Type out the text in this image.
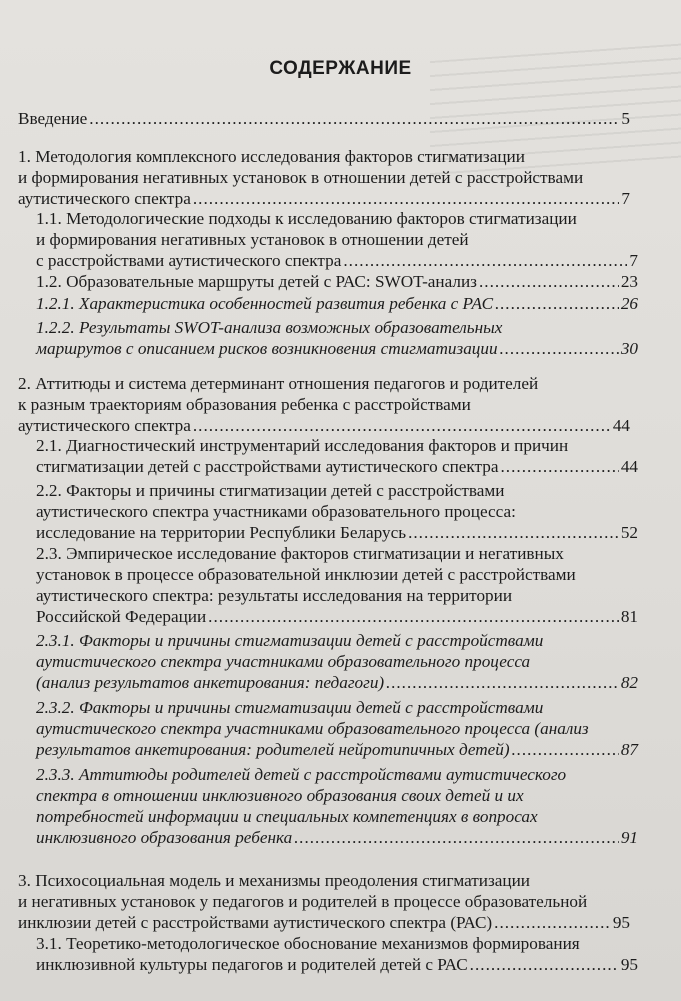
СОДЕРЖАНИЕ
Введение .....	5
1. Методология комплексного исследования факторов стигматизации
и формирования негативных установок в отношении детей с расстройствами
аутистического спектра .....	7
1.1. Методологические подходы к исследованию факторов стигматизации
и формирования негативных установок в отношении детей
с расстройствами аутистического спектра .....	7
1.2. Образовательные маршруты детей с РАС: SWOT-анализ .....	23
1.2.1. Характеристика особенностей развития ребенка с РАС .....	26
1.2.2. Результаты SWOT-анализа возможных образовательных
маршрутов с описанием рисков возникновения стигматизации .....	30
2. Аттитюды и система детерминант отношения педагогов и родителей
к разным траекториям образования ребенка с расстройствами
аутистического спектра .....	44
2.1. Диагностический инструментарий исследования факторов и причин
стигматизации детей с расстройствами аутистического спектра .....	44
2.2. Факторы и причины стигматизации детей с расстройствами
аутистического спектра участниками образовательного процесса:
исследование на территории Республики Беларусь .....	52
2.3. Эмпирическое исследование факторов стигматизации и негативных
установок в процессе образовательной инклюзии детей с расстройствами
аутистического спектра: результаты исследования на территории
Российской Федерации .....	81
2.3.1. Факторы и причины стигматизации детей с расстройствами
аутистического спектра участниками образовательного процесса
(анализ результатов анкетирования: педагоги) .....	82
2.3.2. Факторы и причины стигматизации детей с расстройствами
аутистического спектра участниками образовательного процесса (анализ
результатов анкетирования: родителей нейротипичных детей) .....	87
2.3.3. Аттитюды родителей детей с расстройствами аутистического
спектра в отношении инклюзивного образования своих детей и их
потребностей информации и специальных компетенциях в вопросах
инклюзивного образования ребенка .....	91
3. Психосоциальная модель и механизмы преодоления стигматизации
и негативных установок у педагогов и родителей в процессе образовательной
инклюзии детей с расстройствами аутистического спектра (РАС) .....	95
3.1. Теоретико-методологическое обоснование механизмов формирования
инклюзивной культуры педагогов и родителей детей с РАС .....	95
